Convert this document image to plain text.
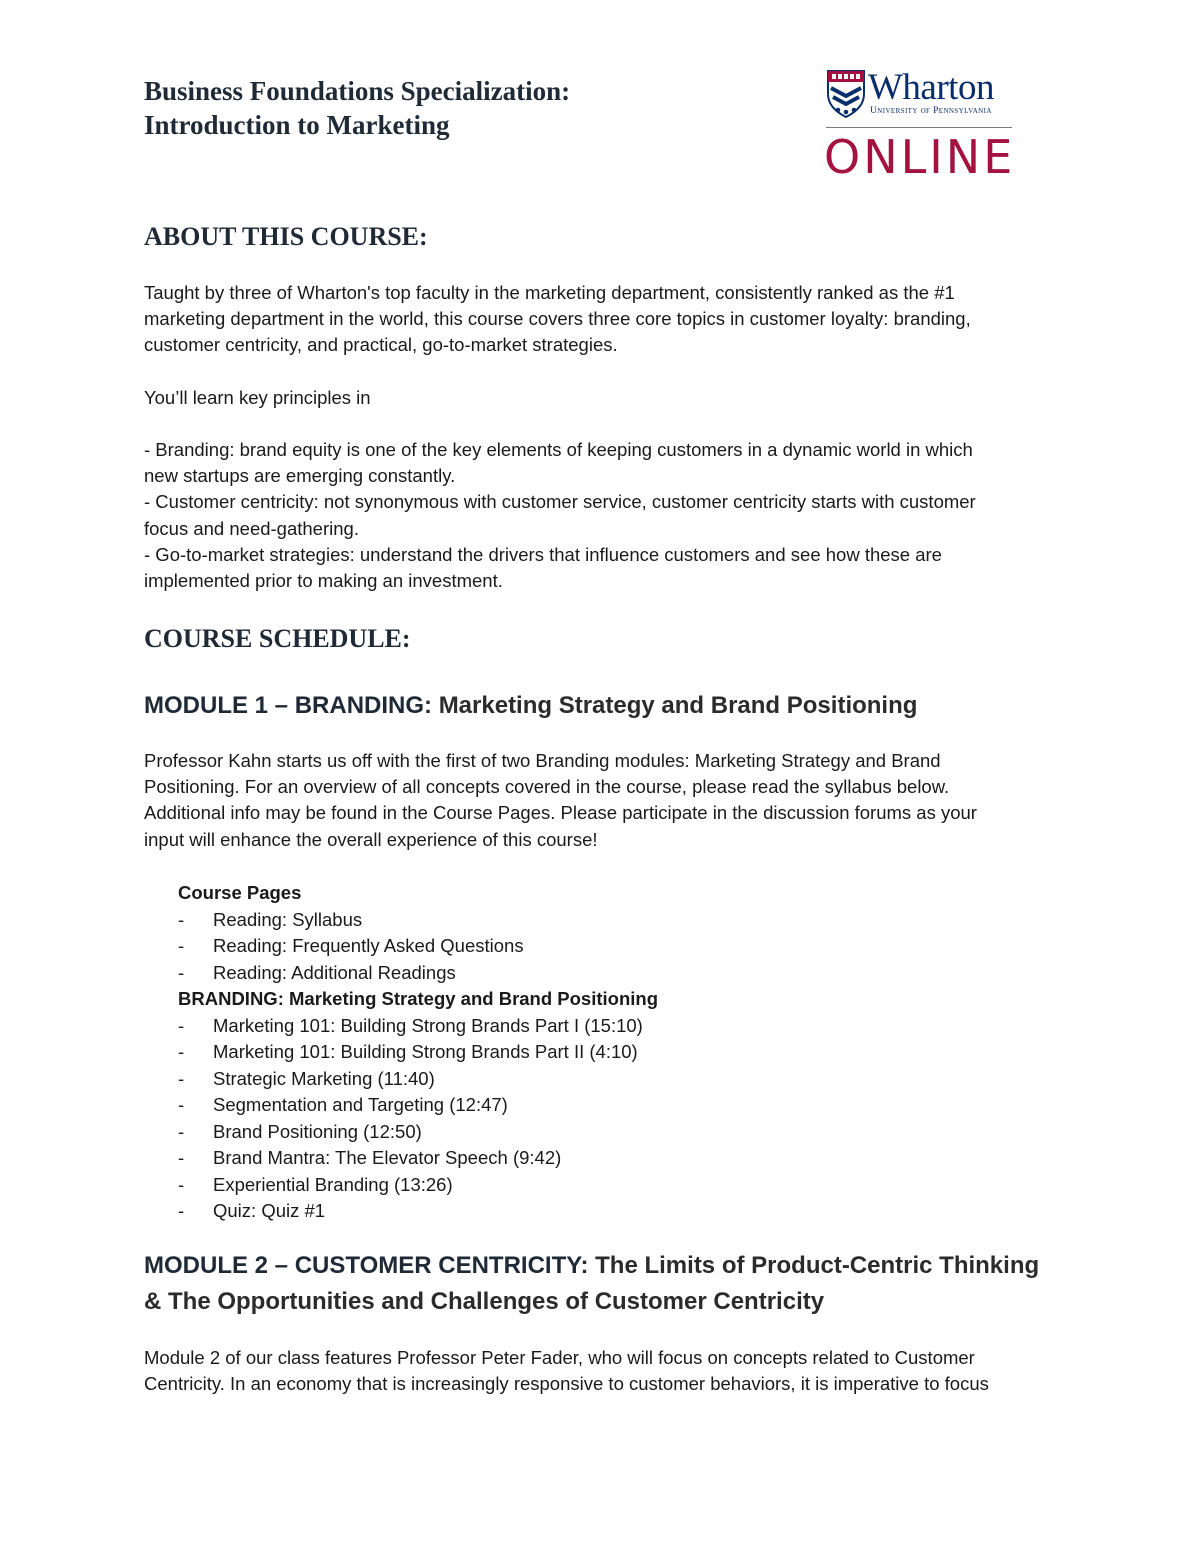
Business Foundations Specialization:
Introduction to Marketing
Wharton
University of Pennsylvania
ONLINE
ABOUT THIS COURSE:
Taught by three of Wharton's top faculty in the marketing department, consistently ranked as the #1
marketing department in the world, this course covers three core topics in customer loyalty: branding,
customer centricity, and practical, go-to-market strategies.
You’ll learn key principles in
- Branding: brand equity is one of the key elements of keeping customers in a dynamic world in which
new startups are emerging constantly.
- Customer centricity: not synonymous with customer service, customer centricity starts with customer
focus and need-gathering.
- Go-to-market strategies: understand the drivers that influence customers and see how these are
implemented prior to making an investment.
COURSE SCHEDULE:
MODULE 1 – BRANDING: Marketing Strategy and Brand Positioning
Professor Kahn starts us off with the first of two Branding modules: Marketing Strategy and Brand
Positioning. For an overview of all concepts covered in the course, please read the syllabus below.
Additional info may be found in the Course Pages. Please participate in the discussion forums as your
input will enhance the overall experience of this course!
Course Pages
- Reading: Syllabus
- Reading: Frequently Asked Questions
- Reading: Additional Readings
BRANDING: Marketing Strategy and Brand Positioning
- Marketing 101: Building Strong Brands Part I (15:10)
- Marketing 101: Building Strong Brands Part II (4:10)
- Strategic Marketing (11:40)
- Segmentation and Targeting (12:47)
- Brand Positioning (12:50)
- Brand Mantra: The Elevator Speech (9:42)
- Experiential Branding (13:26)
- Quiz: Quiz #1
MODULE 2 – CUSTOMER CENTRICITY: The Limits of Product-Centric Thinking
& The Opportunities and Challenges of Customer Centricity
Module 2 of our class features Professor Peter Fader, who will focus on concepts related to Customer
Centricity. In an economy that is increasingly responsive to customer behaviors, it is imperative to focus
